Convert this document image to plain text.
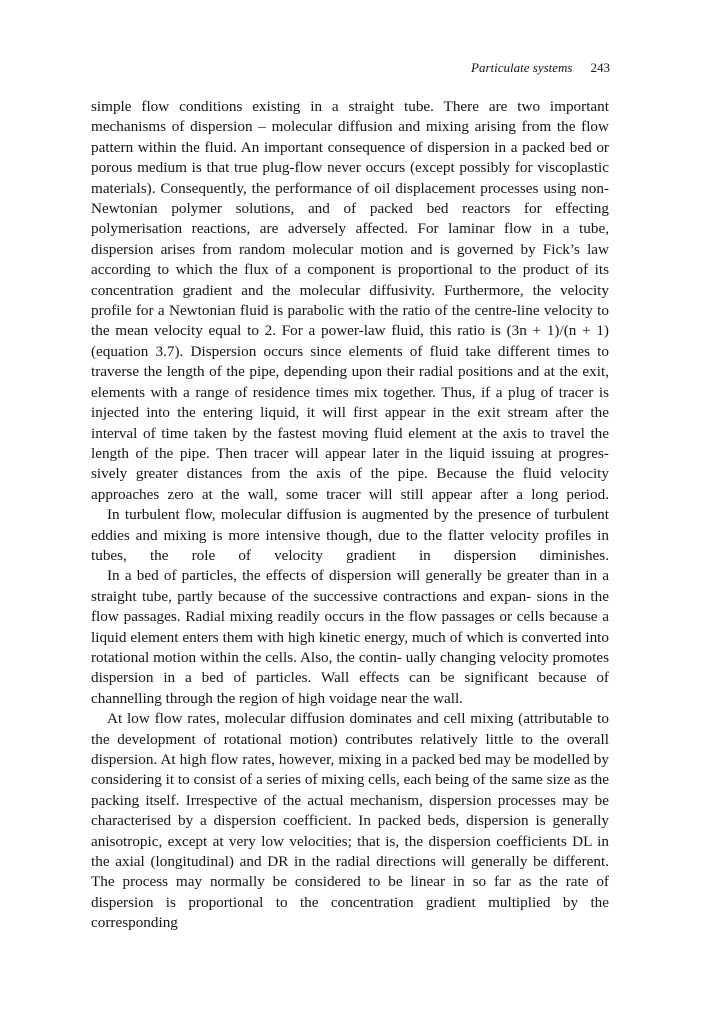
Particulate systems 243

simple flow conditions existing in a straight tube. There are two important mechanisms of dispersion – molecular diffusion and mixing arising from the flow pattern within the fluid. An important consequence of dispersion in a packed bed or porous medium is that true plug-flow never occurs (except possibly for viscoplastic materials). Consequently, the performance of oil displacement processes using non-Newtonian polymer solutions, and of packed bed reactors for effecting polymerisation reactions, are adversely affected. For laminar flow in a tube, dispersion arises from random molecular motion and is governed by Fick’s law according to which the flux of a component is proportional to the product of its concentration gradient and the molecular diffusivity. Furthermore, the velocity profile for a Newtonian fluid is parabolic with the ratio of the centre-line velocity to the mean velocity equal to 2. For a power-law fluid, this ratio is (3n + 1)/(n + 1) (equation 3.7). Dispersion occurs since elements of fluid take different times to traverse the length of the pipe, depending upon their radial positions and at the exit, elements with a range of residence times mix together. Thus, if a plug of tracer is injected into the entering liquid, it will first appear in the exit stream after the interval of time taken by the fastest moving fluid element at the axis to travel the length of the pipe. Then tracer will appear later in the liquid issuing at progres- sively greater distances from the axis of the pipe. Because the fluid velocity approaches zero at the wall, some tracer will still appear after a long period.

In turbulent flow, molecular diffusion is augmented by the presence of turbulent eddies and mixing is more intensive though, due to the flatter velocity profiles in tubes, the role of velocity gradient in dispersion diminishes.

In a bed of particles, the effects of dispersion will generally be greater than in a straight tube, partly because of the successive contractions and expan- sions in the flow passages. Radial mixing readily occurs in the flow passages or cells because a liquid element enters them with high kinetic energy, much of which is converted into rotational motion within the cells. Also, the contin- ually changing velocity promotes dispersion in a bed of particles. Wall effects can be significant because of channelling through the region of high voidage near the wall.

At low flow rates, molecular diffusion dominates and cell mixing (attributable to the development of rotational motion) contributes relatively little to the overall dispersion. At high flow rates, however, mixing in a packed bed may be modelled by considering it to consist of a series of mixing cells, each being of the same size as the packing itself. Irrespective of the actual mechanism, dispersion processes may be characterised by a dispersion coefficient. In packed beds, dispersion is generally anisotropic, except at very low velocities; that is, the dispersion coefficients DL in the axial (longitudinal) and DR in the radial directions will generally be different. The process may normally be considered to be linear in so far as the rate of dispersion is proportional to the concentration gradient multiplied by the corresponding
